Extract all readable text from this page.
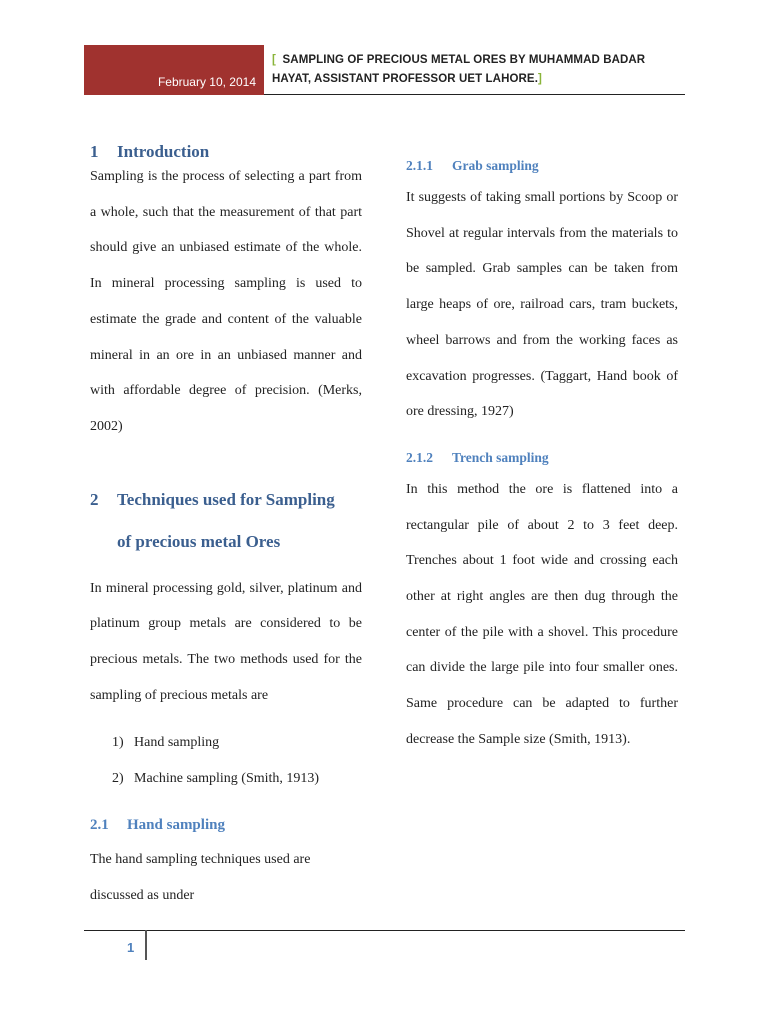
February 10, 2014
[ SAMPLING OF PRECIOUS METAL ORES BY MUHAMMAD BADAR HAYAT, ASSISTANT PROFESSOR UET LAHORE.]
1 Introduction

Sampling is the process of selecting a part from a whole, such that the measurement of that part should give an unbiased estimate of the whole. In mineral processing sampling is used to estimate the grade and content of the valuable mineral in an ore in an unbiased manner and with affordable degree of precision. (Merks, 2002)

2 Techniques used for Sampling
of precious metal Ores

In mineral processing gold, silver, platinum and platinum group metals are considered to be precious metals. The two methods used for the sampling of precious metals are

1) Hand sampling
2) Machine sampling (Smith, 1913)
2.1 Hand sampling

The hand sampling techniques used are discussed as under

2.1.1 Grab sampling

It suggests of taking small portions by Scoop or Shovel at regular intervals from the materials to be sampled. Grab samples can be taken from large heaps of ore, railroad cars, tram buckets, wheel barrows and from the working faces as excavation progresses. (Taggart, Hand book of ore dressing, 1927)

2.1.2 Trench sampling

In this method the ore is flattened into a rectangular pile of about 2 to 3 feet deep. Trenches about 1 foot wide and crossing each other at right angles are then dug through the center of the pile with a shovel. This procedure can divide the large pile into four smaller ones. Same procedure can be adapted to further decrease the Sample size (Smith, 1913).

1
